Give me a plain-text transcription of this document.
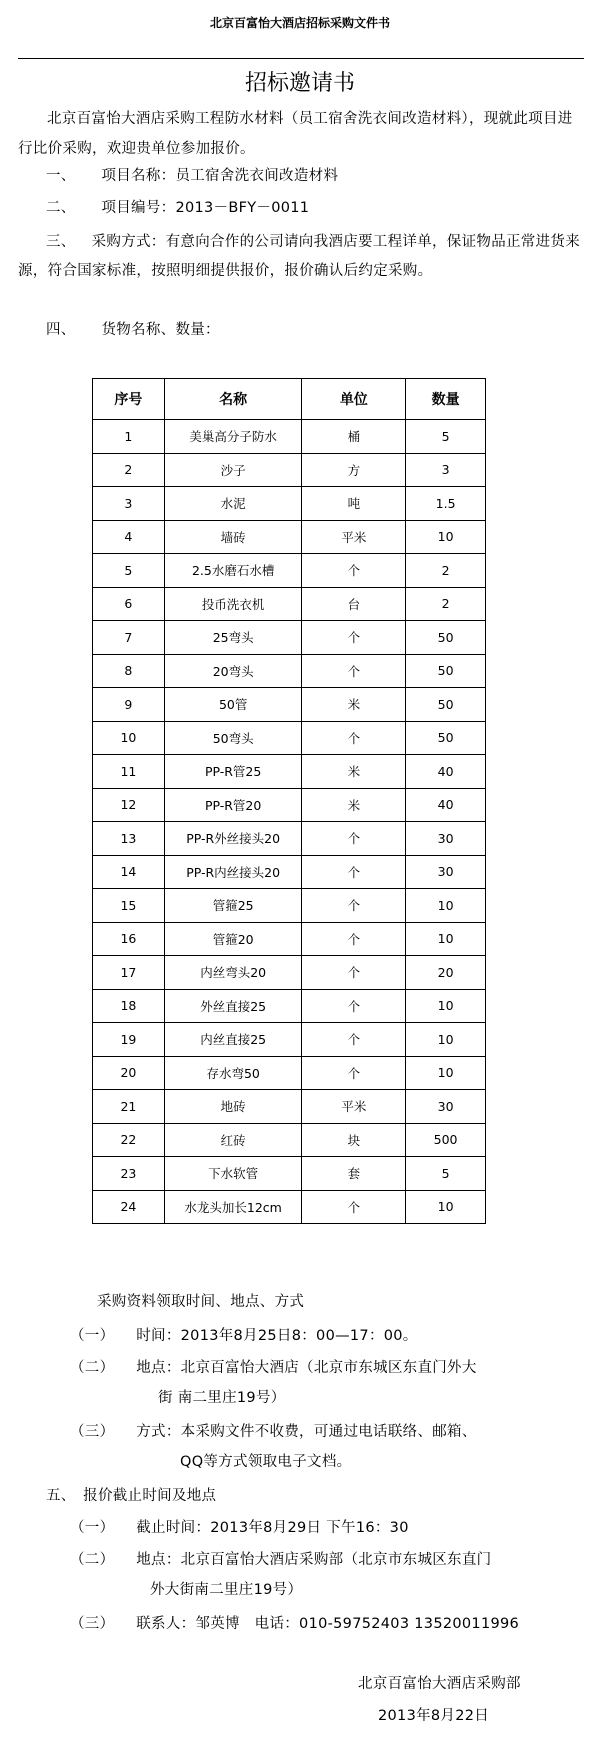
北京百富怡大酒店招标采购文件书
招标邀请书
北京百富怡大酒店采购工程防水材料（员工宿舍洗衣间改造材料），现就此项目进行比价采购，欢迎贵单位参加报价。
一、 项目名称：员工宿舍洗衣间改造材料
二、 项目编号：2013－BFY－0011
三、 采购方式：有意向合作的公司请向我酒店要工程详单，保证物品正常进货来源，符合国家标准，按照明细提供报价，报价确认后约定采购。
四、 货物名称、数量：
序号	名称	单位	数量
1	美巢高分子防水	桶	5
2	沙子	方	3
3	水泥	吨	1.5
4	墙砖	平米	10
5	2.5水磨石水槽	个	2
6	投币洗衣机	台	2
7	25弯头	个	50
8	20弯头	个	50
9	50管	米	50
10	50弯头	个	50
11	PP-R管25	米	40
12	PP-R管20	米	40
13	PP-R外丝接头20	个	30
14	PP-R内丝接头20	个	30
15	管箍25	个	10
16	管箍20	个	10
17	内丝弯头20	个	20
18	外丝直接25	个	10
19	内丝直接25	个	10
20	存水弯50	个	10
21	地砖	平米	30
22	红砖	块	500
23	下水软管	套	5
24	水龙头加长12cm	个	10
采购资料领取时间、地点、方式
（一） 时间：2013年8月25日8：00—17：00。
（二） 地点：北京百富怡大酒店（北京市东城区东直门外大
街 南二里庄19号）
（三） 方式：本采购文件不收费，可通过电话联络、邮箱、
QQ等方式领取电子文档。
五、　报价截止时间及地点
（一） 截止时间：2013年8月29日 下午16：30
（二） 地点：北京百富怡大酒店采购部（北京市东城区东直门
外大街南二里庄19号）
（三） 联系人：邹英博　电话：010-59752403 13520011996
北京百富怡大酒店采购部
2013年8月22日
